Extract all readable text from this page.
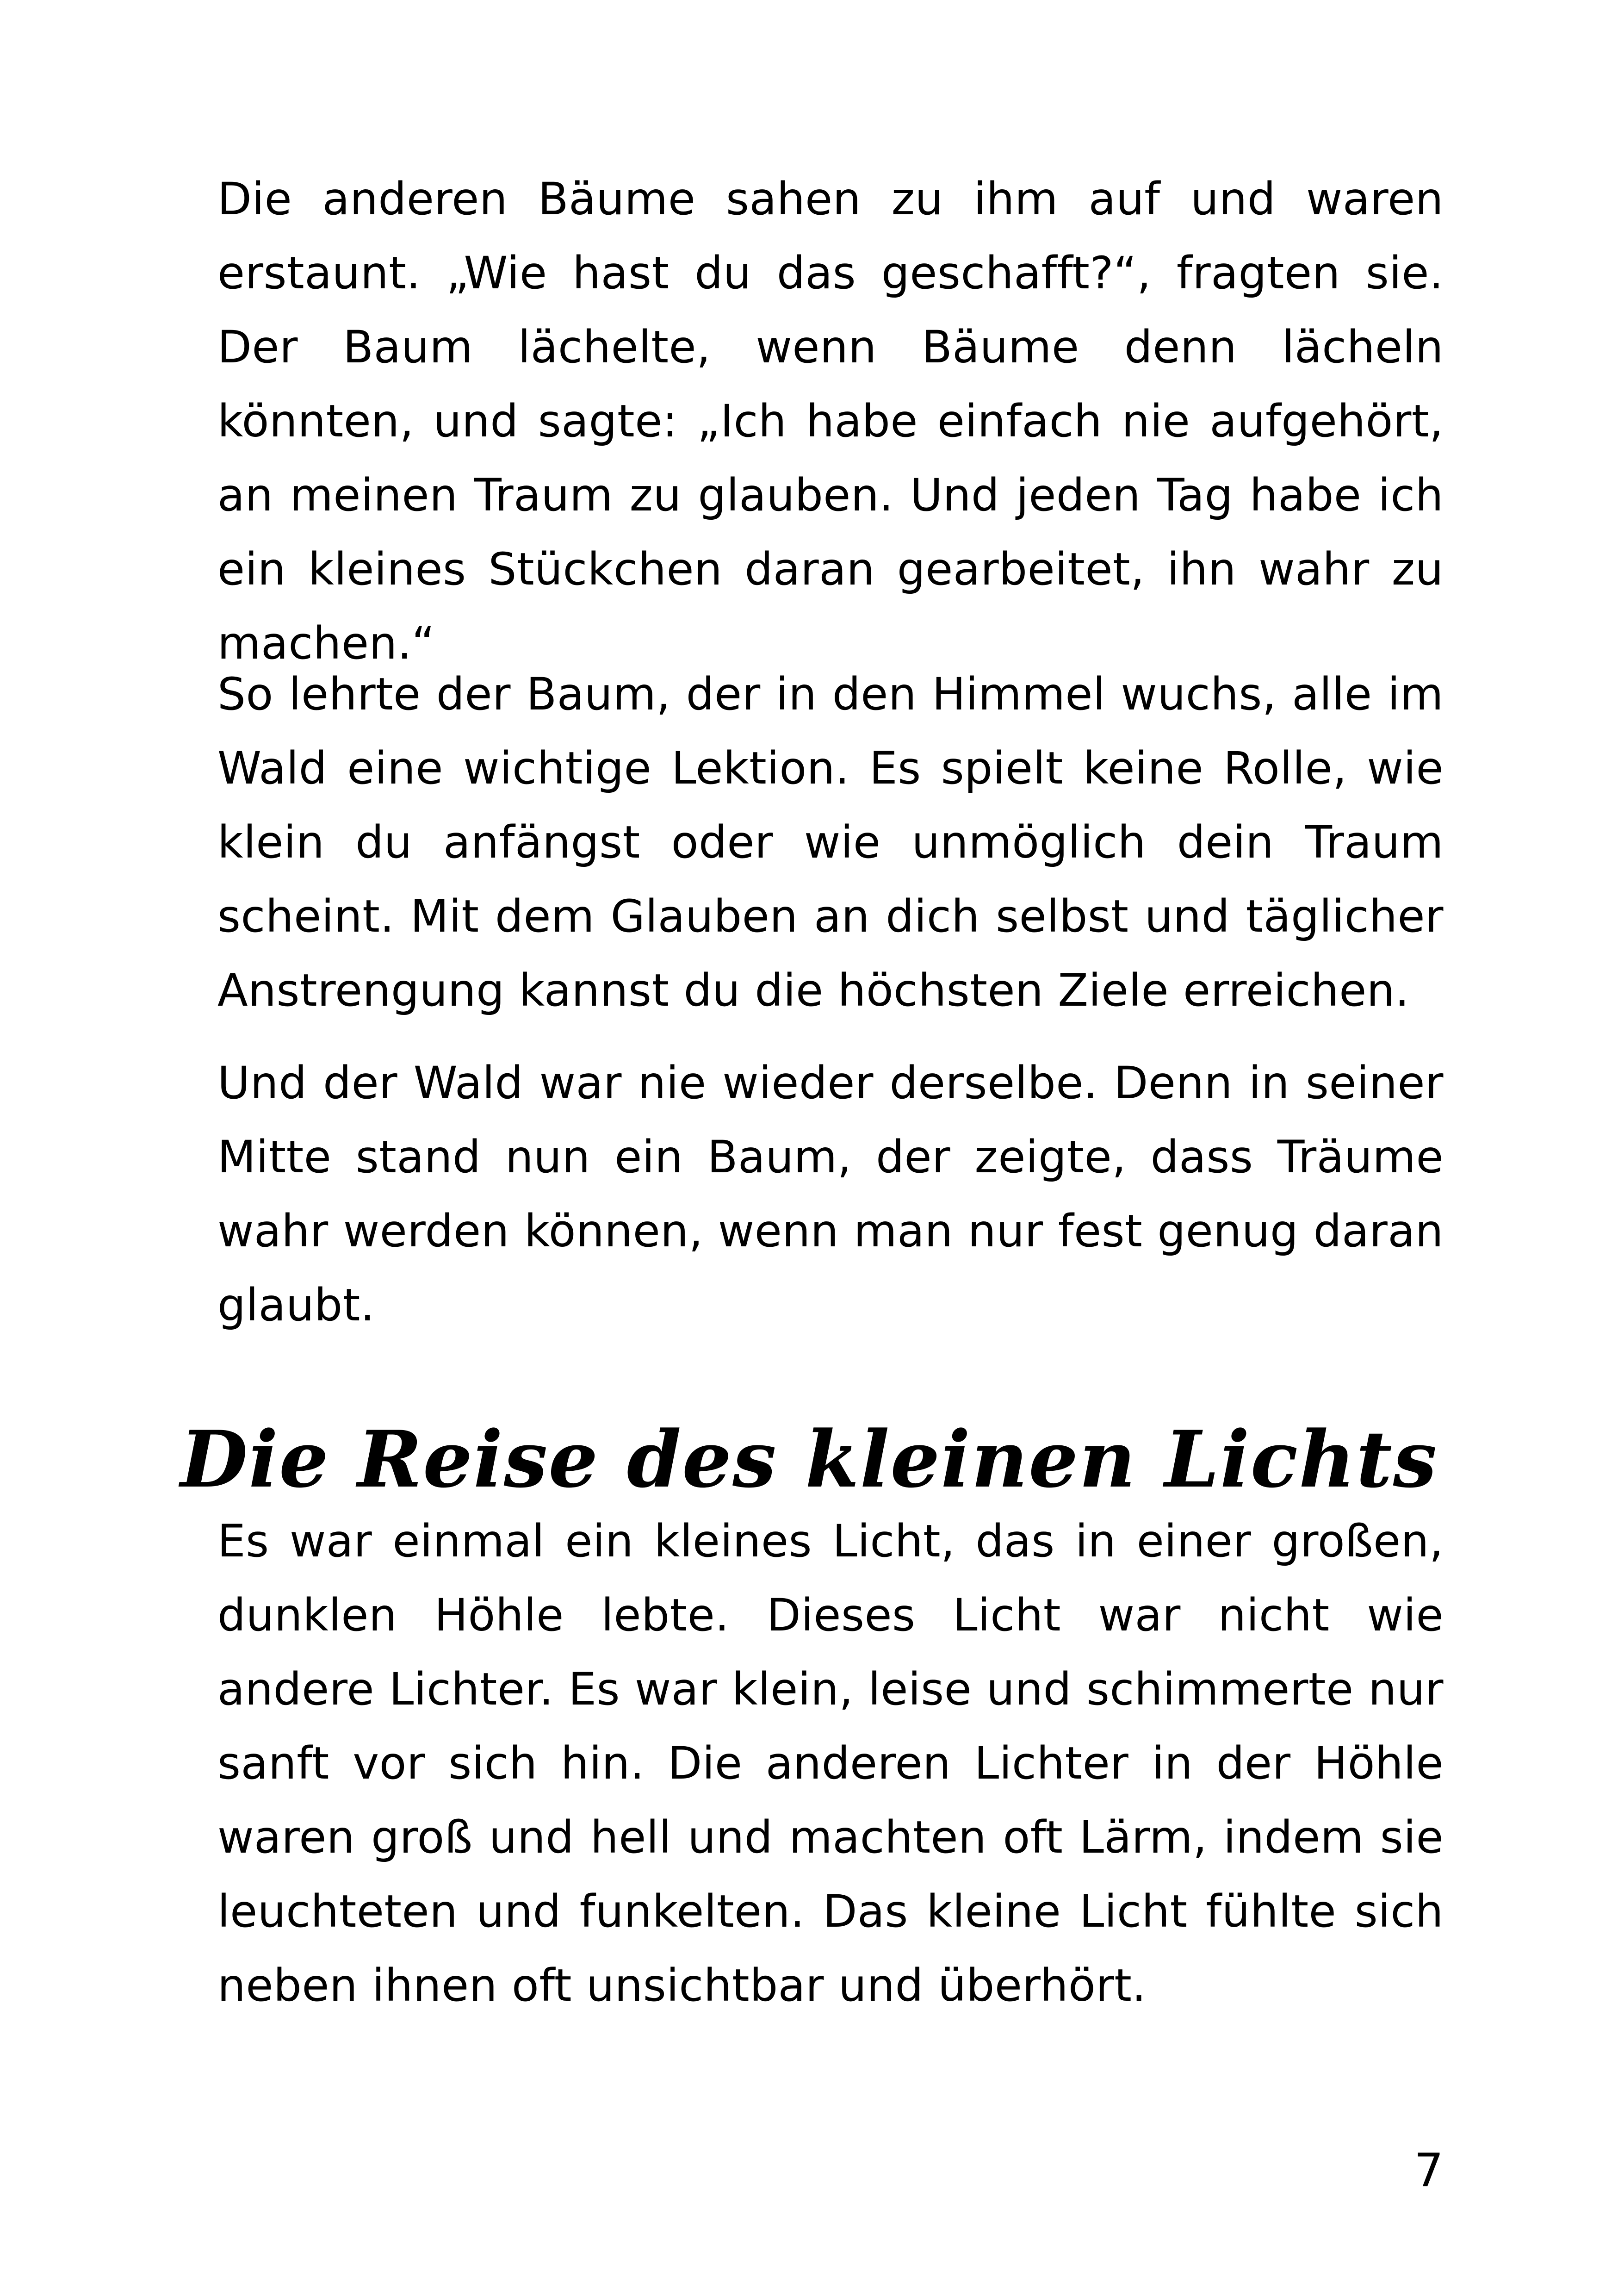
Die anderen Bäume sahen zu ihm auf und waren erstaunt. „Wie hast du das geschafft?“, fragten sie. Der Baum lächelte, wenn Bäume denn lächeln könnten, und sagte: „Ich habe einfach nie aufgehört, an meinen Traum zu glauben. Und jeden Tag habe ich ein kleines Stückchen daran gearbeitet, ihn wahr zu machen.“

So lehrte der Baum, der in den Himmel wuchs, alle im Wald eine wichtige Lektion. Es spielt keine Rolle, wie klein du anfängst oder wie unmöglich dein Traum scheint. Mit dem Glauben an dich selbst und täglicher Anstrengung kannst du die höchsten Ziele erreichen.

Und der Wald war nie wieder derselbe. Denn in seiner Mitte stand nun ein Baum, der zeigte, dass Träume wahr werden können, wenn man nur fest genug daran glaubt.

Die Reise des kleinen Lichts

Es war einmal ein kleines Licht, das in einer großen, dunklen Höhle lebte. Dieses Licht war nicht wie andere Lichter. Es war klein, leise und schimmerte nur sanft vor sich hin. Die anderen Lichter in der Höhle waren groß und hell und machten oft Lärm, indem sie leuchteten und funkelten. Das kleine Licht fühlte sich neben ihnen oft unsichtbar und überhört.

7
